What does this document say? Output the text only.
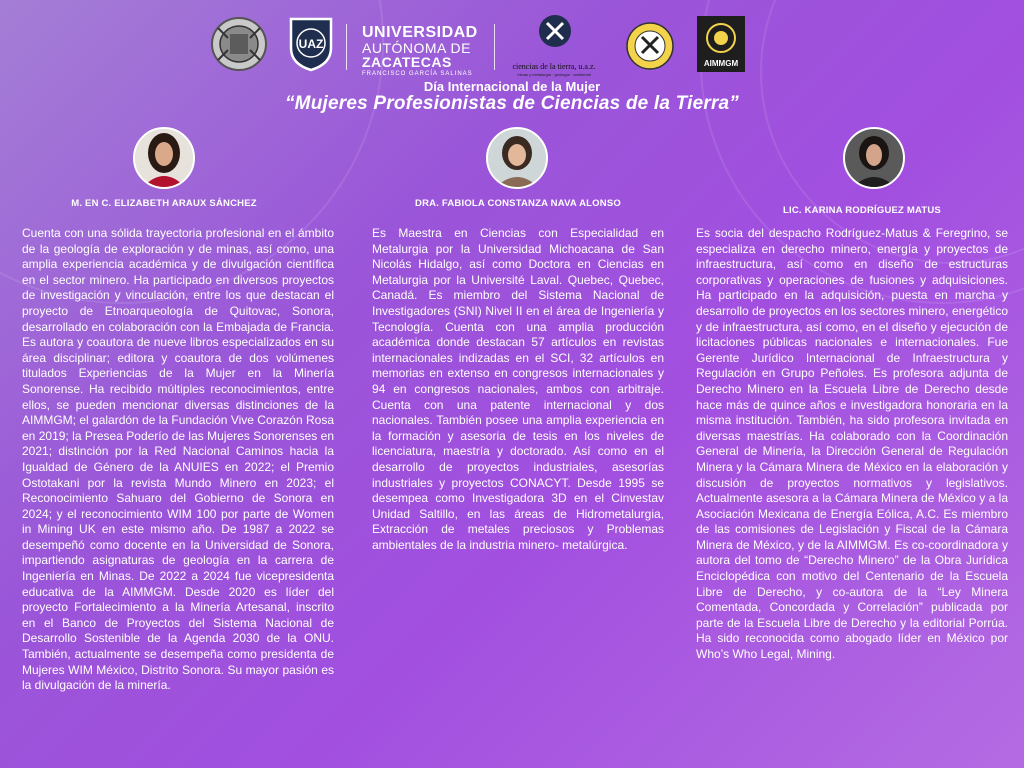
UAZ
UNIVERSIDAD
AUTÓNOMA DE
ZACATECAS
FRANCISCO GARCÍA SALINAS
ciencias de la tierra, u.a.z.
minas y metalurgia · geología · ambiental
AIMMGM
Día Internacional de la Mujer
“Mujeres Profesionistas de Ciencias de la Tierra”
M. EN C. ELIZABETH ARAUX SÁNCHEZ	DRA. FABIOLA CONSTANZA NAVA ALONSO
LIC. KARINA RODRÍGUEZ MATUS
Cuenta con una sólida trayectoria profesional en el ámbito de la geología de exploración y de minas, así como, una amplia experiencia académica y de divulgación científica en el sector minero. Ha participado en diversos proyectos de investigación y vinculación, entre los que destacan el proyecto de Etnoarqueología de Quitovac, Sonora, desarrollado en colaboración con la Embajada de Francia. Es autora y coautora de nueve libros especializados en su área disciplinar; editora y coautora de dos volúmenes titulados Experiencias de la Mujer en la Minería Sonorense. Ha recibido múltiples reconocimientos, entre ellos, se pueden mencionar diversas distinciones de la AIMMGM; el galardón de la Fundación Vive Corazón Rosa en 2019; la Presea Poderío de las Mujeres Sonorenses en 2021; distinción por la Red Nacional Caminos hacia la Igualdad de Género de la ANUIES en 2022; el Premio Ostotakani por la revista Mundo Minero en 2023; el Reconocimiento Sahuaro del Gobierno de Sonora en 2024; y el reconocimiento WIM 100 por parte de Women in Mining UK en este mismo año. De 1987 a 2022 se desempeñó como docente en la Universidad de Sonora, impartiendo asignaturas de geología en la carrera de Ingeniería en Minas. De 2022 a 2024 fue vicepresidenta educativa de la AIMMGM. Desde 2020 es líder del proyecto Fortalecimiento a la Minería Artesanal, inscrito en el Banco de Proyectos del Sistema Nacional de Desarrollo Sostenible de la Agenda 2030 de la ONU. También, actualmente se desempeña como presidenta de Mujeres WIM México, Distrito Sonora. Su mayor pasión es la divulgación de la minería.
Es Maestra en Ciencias con Especialidad en Metalurgia por la Universidad Michoacana de San Nicolás Hidalgo, así como Doctora en Ciencias en Metalurgia por la Université Laval. Quebec, Quebec, Canadá. Es miembro del Sistema Nacional de Investigadores (SNI) Nivel II en el área de Ingeniería y Tecnología. Cuenta con una amplia producción académica donde destacan 57 artículos en revistas internacionales indizadas en el SCI, 32 artículos en memorias en extenso en congresos internacionales y 94 en congresos nacionales, ambos con arbitraje. Cuenta con una patente internacional y dos nacionales. También posee una amplia experiencia en la formación y asesoria de tesis en los niveles de licenciatura, maestría y doctorado. Así como en el desarrollo de proyectos industriales, asesorías industriales y proyectos CONACYT. Desde 1995 se desempea como Investigadora 3D en el Cinvestav Unidad Saltillo, en las áreas de Hidrometalurgia, Extracción de metales preciosos y Problemas ambientales de la industria minero- metalúrgica.
Es socia del despacho Rodríguez-Matus & Feregrino, se especializa en derecho minero, energía y proyectos de infraestructura, así como en diseño de estructuras corporativas y operaciones de fusiones y adquisiciones. Ha participado en la adquisición, puesta en marcha y desarrollo de proyectos en los sectores minero, energético y de infraestructura, así como, en el diseño y ejecución de licitaciones públicas nacionales e internacionales. Fue Gerente Jurídico Internacional de Infraestructura y Regulación en Grupo Peñoles. Es profesora adjunta de Derecho Minero en la Escuela Libre de Derecho desde hace más de quince años e investigadora honoraria en la misma institución. También, ha sido profesora invitada en diversas maestrías. Ha colaborado con la Coordinación General de Minería, la Dirección General de Regulación Minera y la Cámara Minera de México en la elaboración y discusión de proyectos normativos y legislativos. Actualmente asesora a la Cámara Minera de México y a la Asociación Mexicana de Energía Eólica, A.C. Es miembro de las comisiones de Legislación y Fiscal de la Cámara Minera de México, y de la AIMMGM. Es co-coordinadora y autora del tomo de “Derecho Minero” de la Obra Jurídica Enciclopédica con motivo del Centenario de la Escuela Libre de Derecho, y co-autora de la “Ley Minera Comentada, Concordada y Correlación” publicada por parte de la Escuela Libre de Derecho y la editorial Porrúa. Ha sido reconocida como abogado líder en México por Who’s Who Legal, Mining.
